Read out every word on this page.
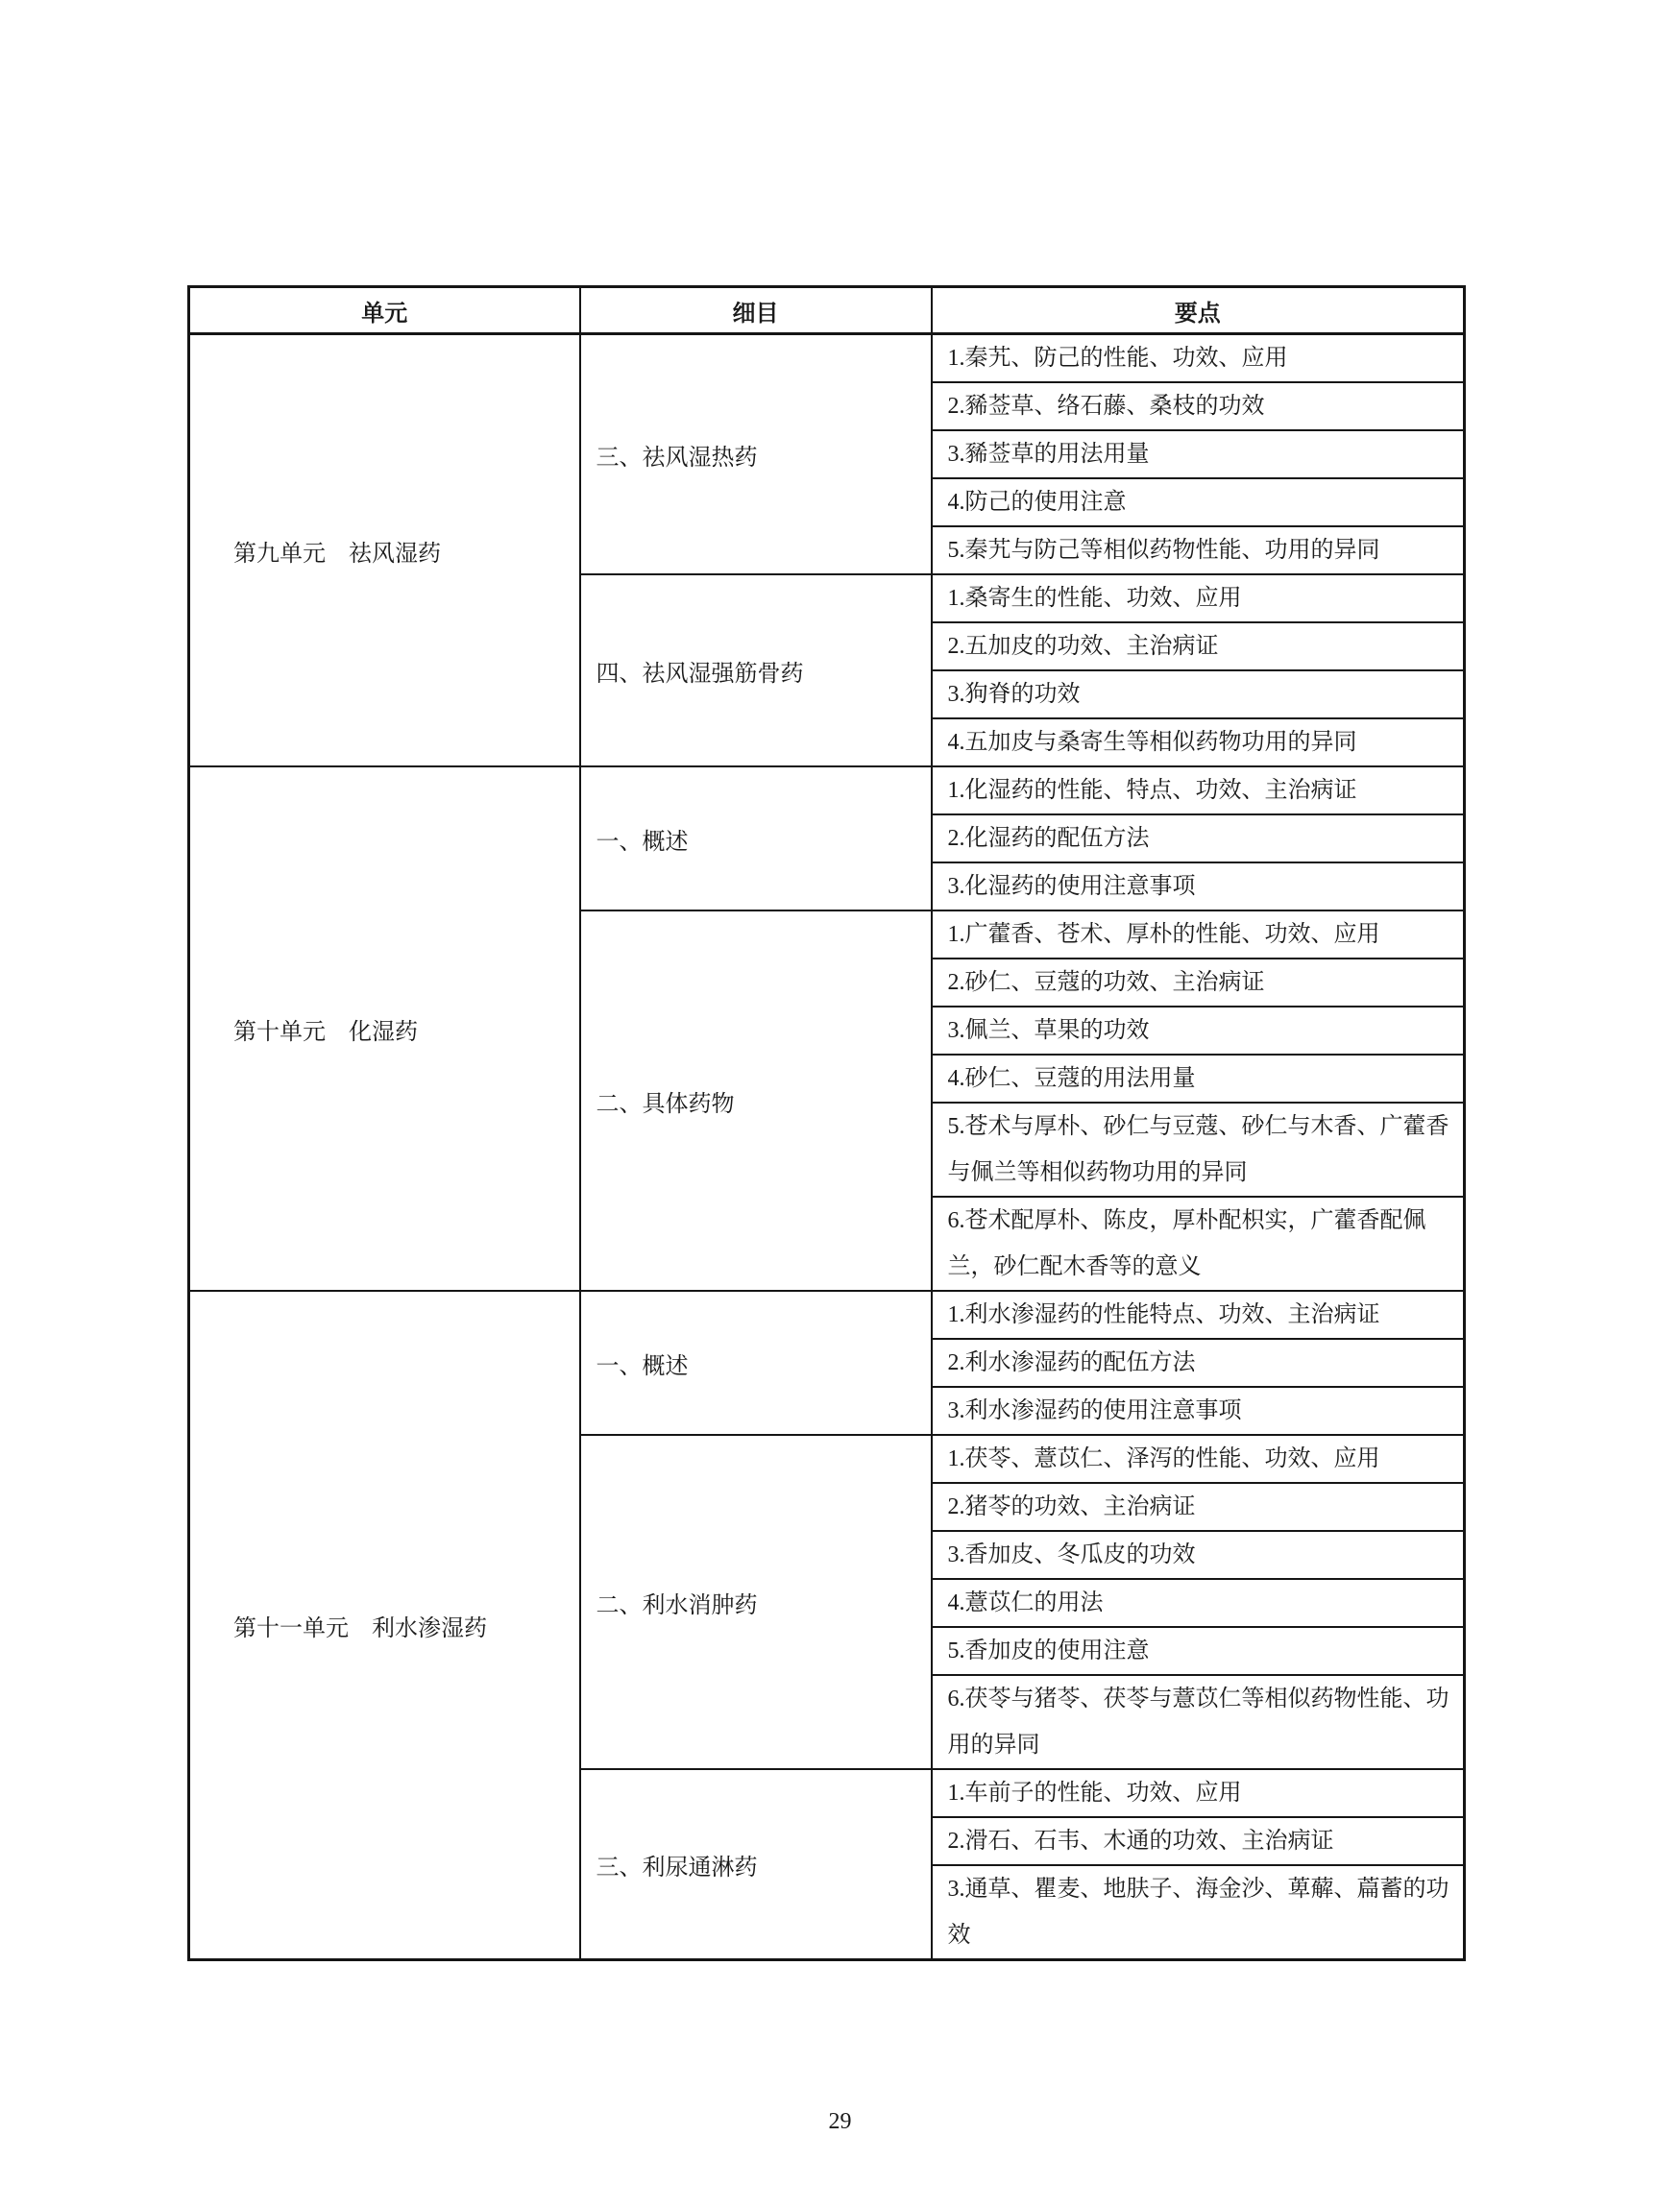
单元	细目	要点
第九单元　祛风湿药	三、祛风湿热药	1.秦艽、防己的性能、功效、应用
		2.豨莶草、络石藤、桑枝的功效
		3.豨莶草的用法用量
		4.防己的使用注意
		5.秦艽与防己等相似药物性能、功用的异同
	四、祛风湿强筋骨药	1.桑寄生的性能、功效、应用
		2.五加皮的功效、主治病证
		3.狗脊的功效
		4.五加皮与桑寄生等相似药物功用的异同
第十单元　化湿药	一、概述	1.化湿药的性能、特点、功效、主治病证
		2.化湿药的配伍方法
		3.化湿药的使用注意事项
	二、具体药物	1.广藿香、苍术、厚朴的性能、功效、应用
		2.砂仁、豆蔻的功效、主治病证
		3.佩兰、草果的功效
		4.砂仁、豆蔻的用法用量
		5.苍术与厚朴、砂仁与豆蔻、砂仁与木香、广藿香与佩兰等相似药物功用的异同
		6.苍术配厚朴、陈皮，厚朴配枳实，广藿香配佩兰，砂仁配木香等的意义
第十一单元　利水渗湿药	一、概述	1.利水渗湿药的性能特点、功效、主治病证
		2.利水渗湿药的配伍方法
		3.利水渗湿药的使用注意事项
	二、利水消肿药	1.茯苓、薏苡仁、泽泻的性能、功效、应用
		2.猪苓的功效、主治病证
		3.香加皮、冬瓜皮的功效
		4.薏苡仁的用法
		5.香加皮的使用注意
		6.茯苓与猪苓、茯苓与薏苡仁等相似药物性能、功用的异同
	三、利尿通淋药	1.车前子的性能、功效、应用
		2.滑石、石韦、木通的功效、主治病证
		3.通草、瞿麦、地肤子、海金沙、萆薢、萹蓄的功效
29
